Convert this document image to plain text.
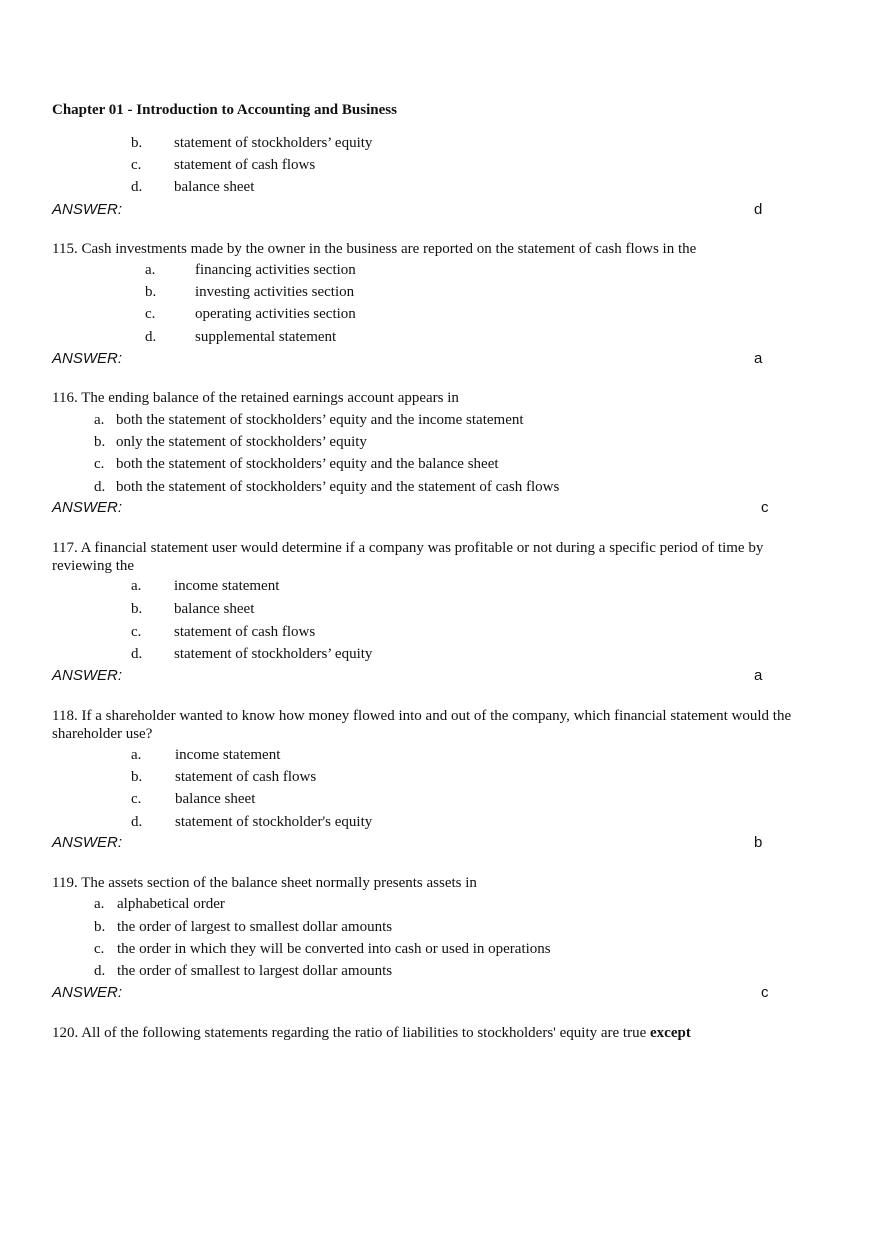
Chapter 01 - Introduction to Accounting and Business
b. statement of stockholders’ equity
c. statement of cash flows
d. balance sheet
ANSWER:	d
115. Cash investments made by the owner in the business are reported on the statement of cash flows in the
a.	financing activities section
b.	investing activities section
c.	operating activities section
d.	supplemental statement
ANSWER:	a
116. The ending balance of the retained earnings account appears in
a. both the statement of stockholders’ equity and the income statement
b. only the statement of stockholders’ equity
c. both the statement of stockholders’ equity and the balance sheet
d. both the statement of stockholders’ equity and the statement of cash flows
ANSWER:	c
117. A financial statement user would determine if a company was profitable or not during a specific period of time by reviewing the
a. income statement
b. balance sheet
c. statement of cash flows
d. statement of stockholders’ equity
ANSWER:	a
118. If a shareholder wanted to know how money flowed into and out of the company, which financial statement would the shareholder use?
a. income statement
b. statement of cash flows
c. balance sheet
d. statement of stockholder's equity
ANSWER:	b
119. The assets section of the balance sheet normally presents assets in
a. alphabetical order
b. the order of largest to smallest dollar amounts
c. the order in which they will be converted into cash or used in operations
d. the order of smallest to largest dollar amounts
ANSWER:	c
120. All of the following statements regarding the ratio of liabilities to stockholders' equity are true except
